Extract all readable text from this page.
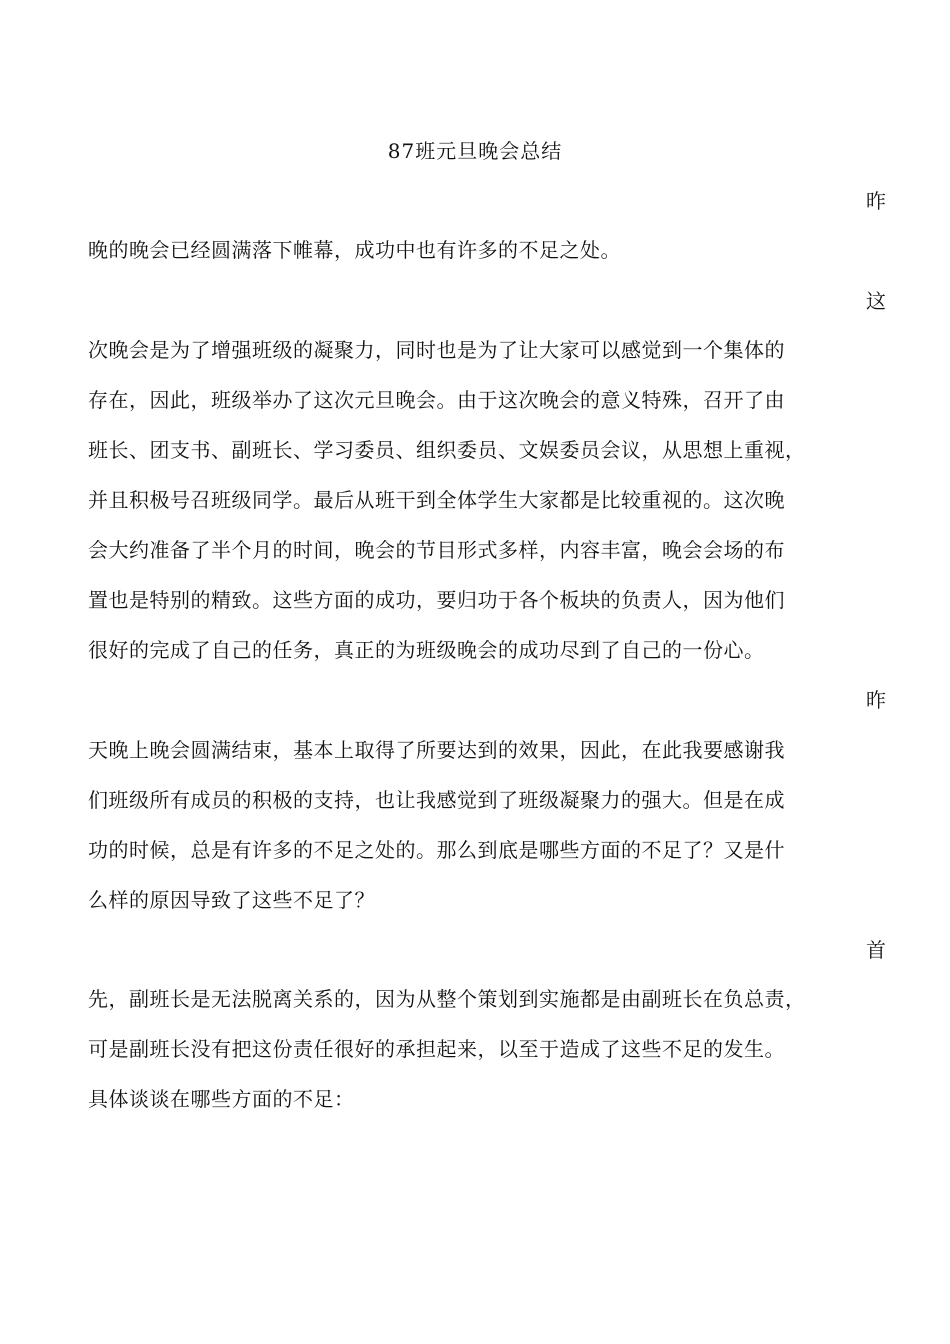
87班元旦晚会总结
昨
晚的晚会已经圆满落下帷幕，成功中也有许多的不足之处。
这
次晚会是为了增强班级的凝聚力，同时也是为了让大家可以感觉到一个集体的
存在，因此，班级举办了这次元旦晚会。由于这次晚会的意义特殊，召开了由
班长、团支书、副班长、学习委员、组织委员、文娱委员会议，从思想上重视，
并且积极号召班级同学。最后从班干到全体学生大家都是比较重视的。这次晚
会大约准备了半个月的时间，晚会的节目形式多样，内容丰富，晚会会场的布
置也是特别的精致。这些方面的成功，要归功于各个板块的负责人，因为他们
很好的完成了自己的任务，真正的为班级晚会的成功尽到了自己的一份心。
昨
天晚上晚会圆满结束，基本上取得了所要达到的效果，因此，在此我要感谢我
们班级所有成员的积极的支持，也让我感觉到了班级凝聚力的强大。但是在成
功的时候，总是有许多的不足之处的。那么到底是哪些方面的不足了？又是什
么样的原因导致了这些不足了？
首
先，副班长是无法脱离关系的，因为从整个策划到实施都是由副班长在负总责，
可是副班长没有把这份责任很好的承担起来，以至于造成了这些不足的发生。
具体谈谈在哪些方面的不足：
